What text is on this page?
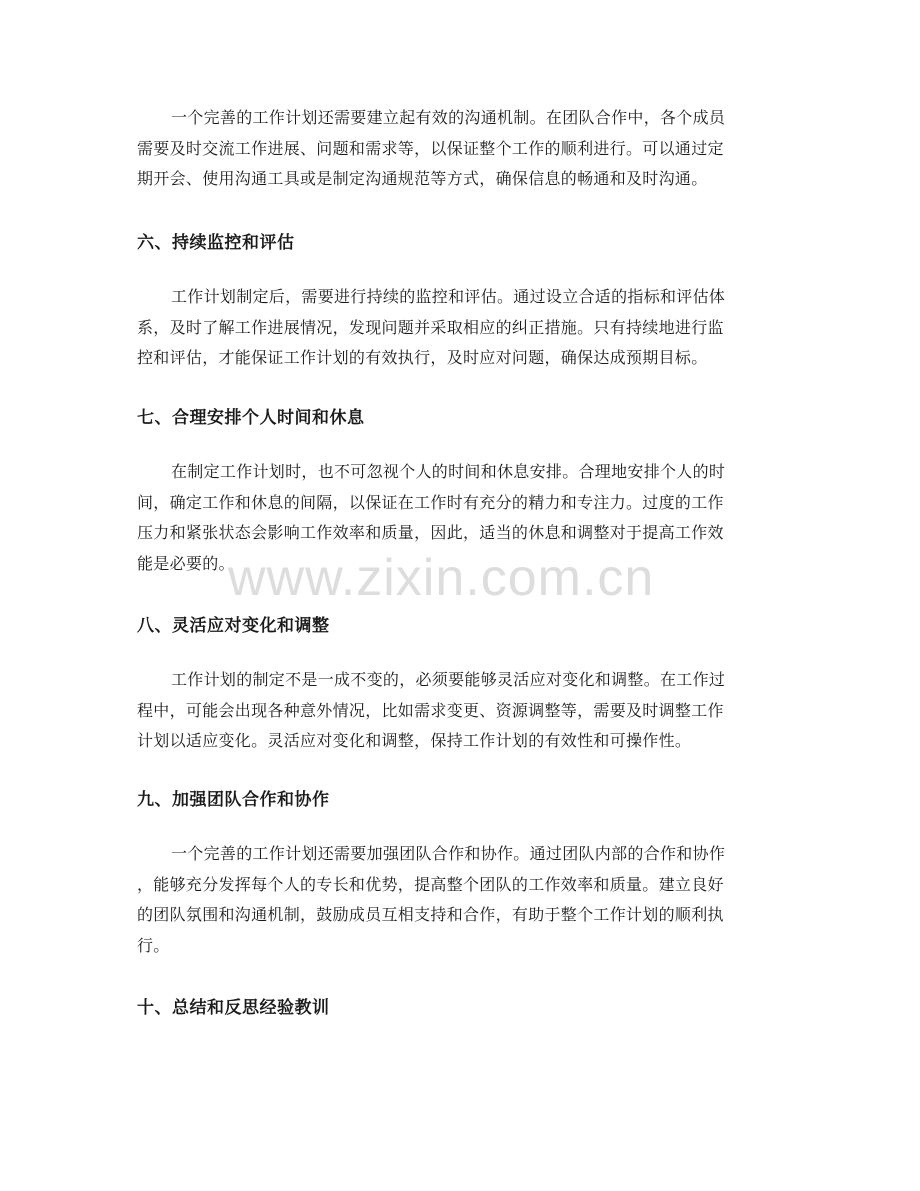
一个完善的工作计划还需要建立起有效的沟通机制。在团队合作中，各个成员
需要及时交流工作进展、问题和需求等，以保证整个工作的顺利进行。可以通过定
期开会、使用沟通工具或是制定沟通规范等方式，确保信息的畅通和及时沟通。

六、持续监控和评估

工作计划制定后，需要进行持续的监控和评估。通过设立合适的指标和评估体
系，及时了解工作进展情况，发现问题并采取相应的纠正措施。只有持续地进行监
控和评估，才能保证工作计划的有效执行，及时应对问题，确保达成预期目标。

七、合理安排个人时间和休息

在制定工作计划时，也不可忽视个人的时间和休息安排。合理地安排个人的时
间，确定工作和休息的间隔，以保证在工作时有充分的精力和专注力。过度的工作
压力和紧张状态会影响工作效率和质量，因此，适当的休息和调整对于提高工作效
能是必要的。

八、灵活应对变化和调整

工作计划的制定不是一成不变的，必须要能够灵活应对变化和调整。在工作过
程中，可能会出现各种意外情况，比如需求变更、资源调整等，需要及时调整工作
计划以适应变化。灵活应对变化和调整，保持工作计划的有效性和可操作性。

九、加强团队合作和协作

一个完善的工作计划还需要加强团队合作和协作。通过团队内部的合作和协作
，能够充分发挥每个人的专长和优势，提高整个团队的工作效率和质量。建立良好
的团队氛围和沟通机制，鼓励成员互相支持和合作，有助于整个工作计划的顺利执
行。

十、总结和反思经验教训
www.zixin.com.cn
